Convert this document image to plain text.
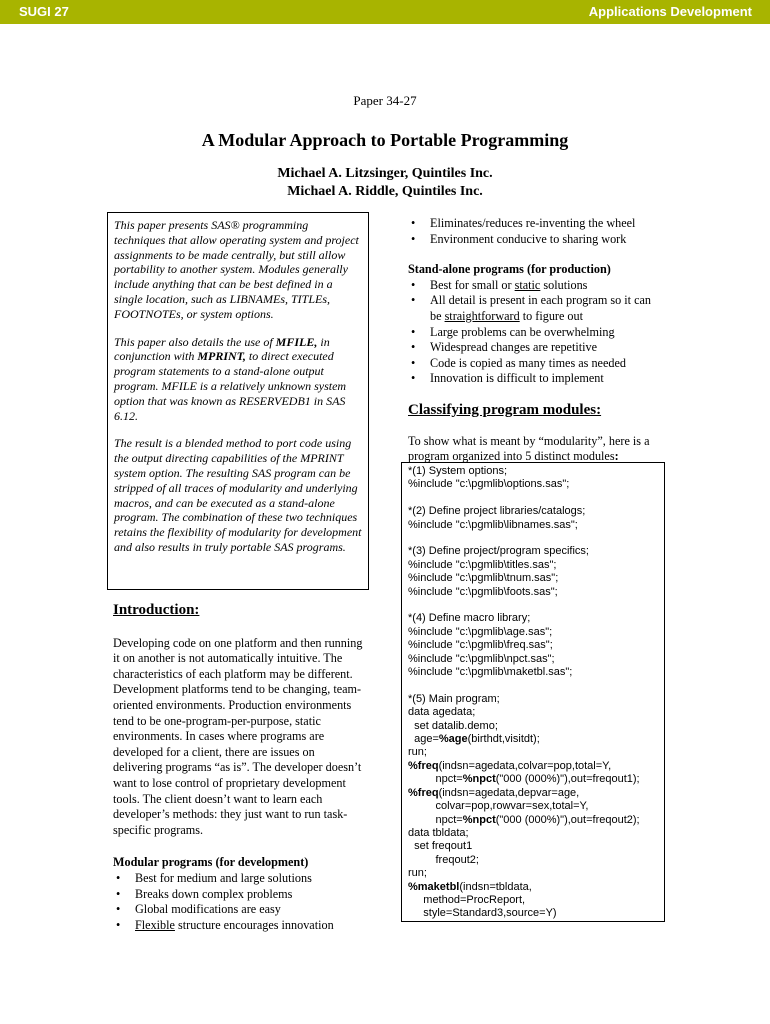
SUGI 27	Applications Development
Paper 34-27
A Modular Approach to Portable Programming
Michael A. Litzsinger, Quintiles Inc.
Michael A. Riddle, Quintiles Inc.

This paper presents SAS® programming techniques that allow operating system and project assignments to be made centrally, but still allow portability to another system. Modules generally include anything that can be best defined in a single location, such as LIBNAMEs, TITLEs, FOOTNOTEs, or system options.

This paper also details the use of MFILE, in conjunction with MPRINT, to direct executed program statements to a stand-alone output program. MFILE is a relatively unknown system option that was known as RESERVEDB1 in SAS 6.12.

The result is a blended method to port code using the output directing capabilities of the MPRINT system option. The resulting SAS program can be stripped of all traces of modularity and underlying macros, and can be executed as a stand-alone program. The combination of these two techniques retains the flexibility of modularity for development and also results in truly portable SAS programs.

Introduction:

Developing code on one platform and then running it on another is not automatically intuitive. The characteristics of each platform may be different. Development platforms tend to be changing, team-oriented environments. Production environments tend to be one-program-per-purpose, static environments. In cases where programs are developed for a client, there are issues on delivering programs “as is”. The developer doesn’t want to lose control of proprietary development tools. The client doesn’t want to learn each developer’s methods: they just want to run task-specific programs.

Modular programs (for development)
• Best for medium and large solutions
• Breaks down complex problems
• Global modifications are easy
• Flexible structure encourages innovation
• Eliminates/reduces re-inventing the wheel
• Environment conducive to sharing work
Stand-alone programs (for production)
• Best for small or static solutions
• All detail is present in each program so it can be straightforward to figure out
• Large problems can be overwhelming
• Widespread changes are repetitive
• Code is copied as many times as needed
• Innovation is difficult to implement
Classifying program modules:

To show what is meant by “modularity”, here is a program organized into 5 distinct modules:

*(1) System options;
%include "c:\pgmlib\options.sas";
*(2) Define project libraries/catalogs;
%include "c:\pgmlib\libnames.sas";
*(3) Define project/program specifics;
%include "c:\pgmlib\titles.sas";
%include "c:\pgmlib\tnum.sas";
%include "c:\pgmlib\foots.sas";
*(4) Define macro library;
%include "c:\pgmlib\age.sas";
%include "c:\pgmlib\freq.sas";
%include "c:\pgmlib\npct.sas";
%include "c:\pgmlib\maketbl.sas";
*(5) Main program;
data agedata;
set datalib.demo;
age=%age(birthdt,visitdt);
run;
%freq(indsn=agedata,colvar=pop,total=Y,
npct=%npct("000 (000%)"),out=freqout1);
%freq(indsn=agedata,depvar=age,
colvar=pop,rowvar=sex,total=Y,
npct=%npct("000 (000%)"),out=freqout2);
data tbldata;
set freqout1
freqout2;
run;
%maketbl(indsn=tbldata,
method=ProcReport,
style=Standard3,source=Y)
